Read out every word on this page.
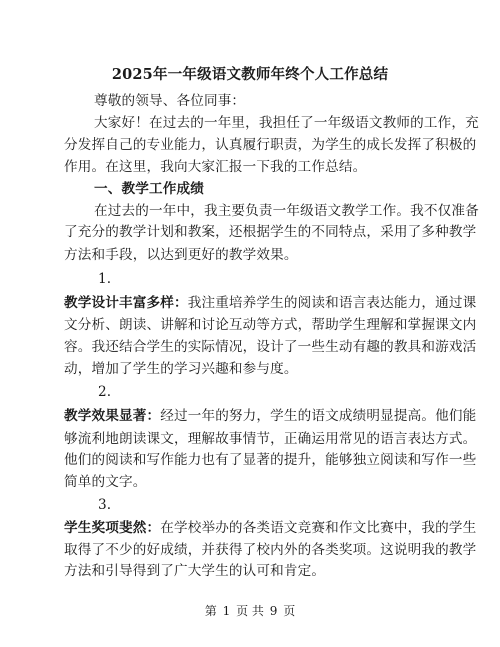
2025年一年级语文教师年终个人工作总结
尊敬的领导、各位同事：
大家好！在过去的一年里，我担任了一年级语文教师的工作，充
分发挥自己的专业能力，认真履行职责，为学生的成长发挥了积极的
作用。在这里，我向大家汇报一下我的工作总结。
一、教学工作成绩
在过去的一年中，我主要负责一年级语文教学工作。我不仅准备
了充分的教学计划和教案，还根据学生的不同特点，采用了多种教学
方法和手段，以达到更好的教学效果。
1.
教学设计丰富多样：我注重培养学生的阅读和语言表达能力，通过课
文分析、朗读、讲解和讨论互动等方式，帮助学生理解和掌握课文内
容。我还结合学生的实际情况，设计了一些生动有趣的教具和游戏活
动，增加了学生的学习兴趣和参与度。
2.
教学效果显著：经过一年的努力，学生的语文成绩明显提高。他们能
够流利地朗读课文，理解故事情节，正确运用常见的语言表达方式。
他们的阅读和写作能力也有了显著的提升，能够独立阅读和写作一些
简单的文字。
3.
学生奖项斐然：在学校举办的各类语文竞赛和作文比赛中，我的学生
取得了不少的好成绩，并获得了校内外的各类奖项。这说明我的教学
方法和引导得到了广大学生的认可和肯定。
第 1 页 共 9 页
